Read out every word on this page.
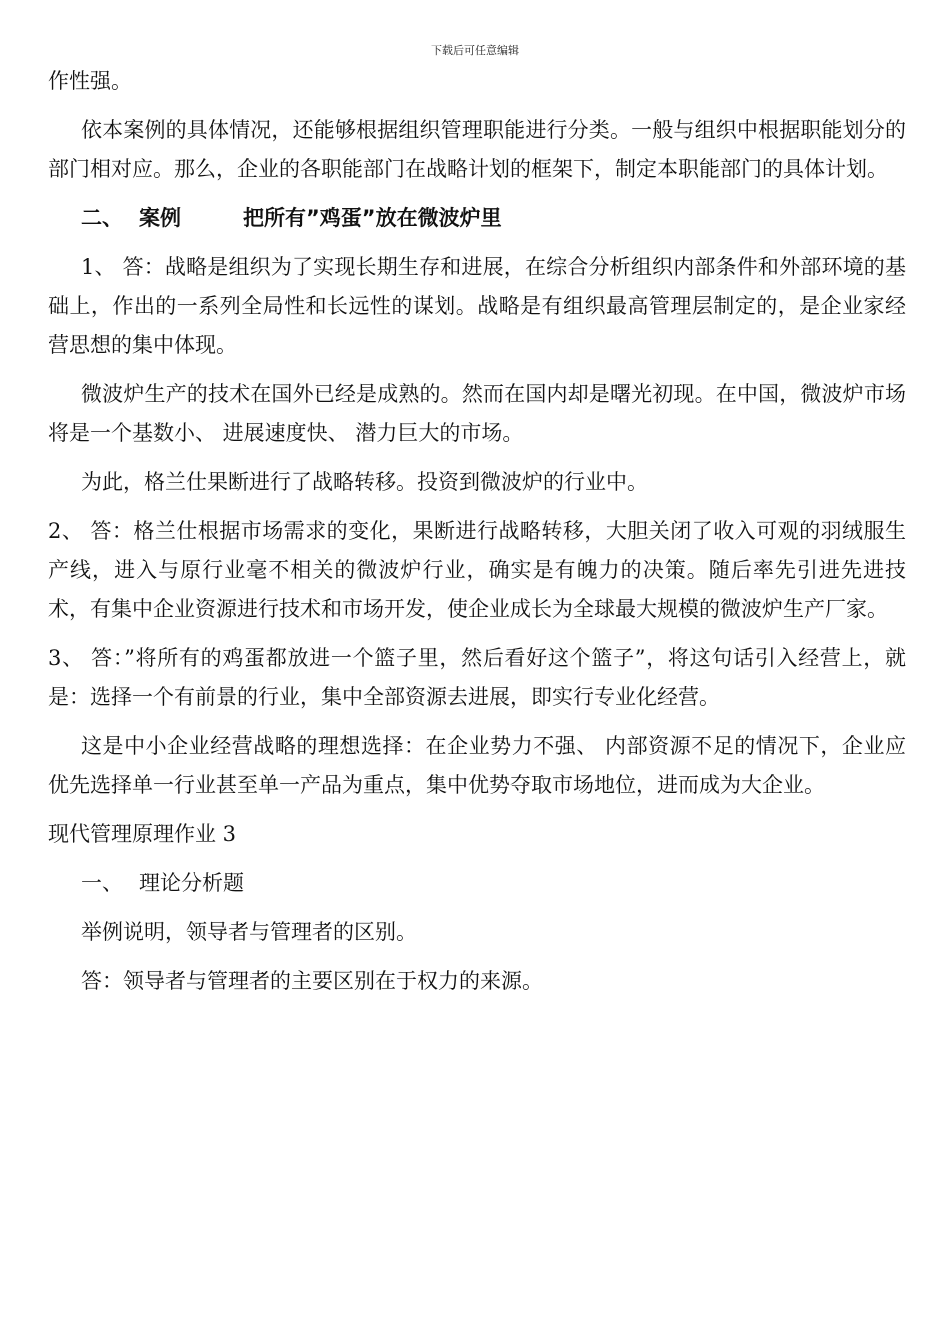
下载后可任意编辑

作性强。

依本案例的具体情况，还能够根据组织管理职能进行分类。一般与组织中根据职能划分的部门相对应。那么，企业的各职能部门在战略计划的框架下，制定本职能部门的具体计划。

二、 案例	把所有”鸡蛋”放在微波炉里

1、 答：战略是组织为了实现长期生存和进展，在综合分析组织内部条件和外部环境的基础上，作出的一系列全局性和长远性的谋划。战略是有组织最高管理层制定的，是企业家经营思想的集中体现。

微波炉生产的技术在国外已经是成熟的。然而在国内却是曙光初现。在中国，微波炉市场将是一个基数小、 进展速度快、 潜力巨大的市场。

为此，格兰仕果断进行了战略转移。投资到微波炉的行业中。

2、 答：格兰仕根据市场需求的变化，果断进行战略转移，大胆关闭了收入可观的羽绒服生产线，进入与原行业毫不相关的微波炉行业，确实是有魄力的决策。随后率先引进先进技术，有集中企业资源进行技术和市场开发，使企业成长为全球最大规模的微波炉生产厂家。

3、 答：”将所有的鸡蛋都放进一个篮子里，然后看好这个篮子”，将这句话引入经营上，就是：选择一个有前景的行业，集中全部资源去进展，即实行专业化经营。

这是中小企业经营战略的理想选择：在企业势力不强、 内部资源不足的情况下，企业应优先选择单一行业甚至单一产品为重点，集中优势夺取市场地位，进而成为大企业。

现代管理原理作业 3

一、 理论分析题

举例说明，领导者与管理者的区别。

答：领导者与管理者的主要区别在于权力的来源。
